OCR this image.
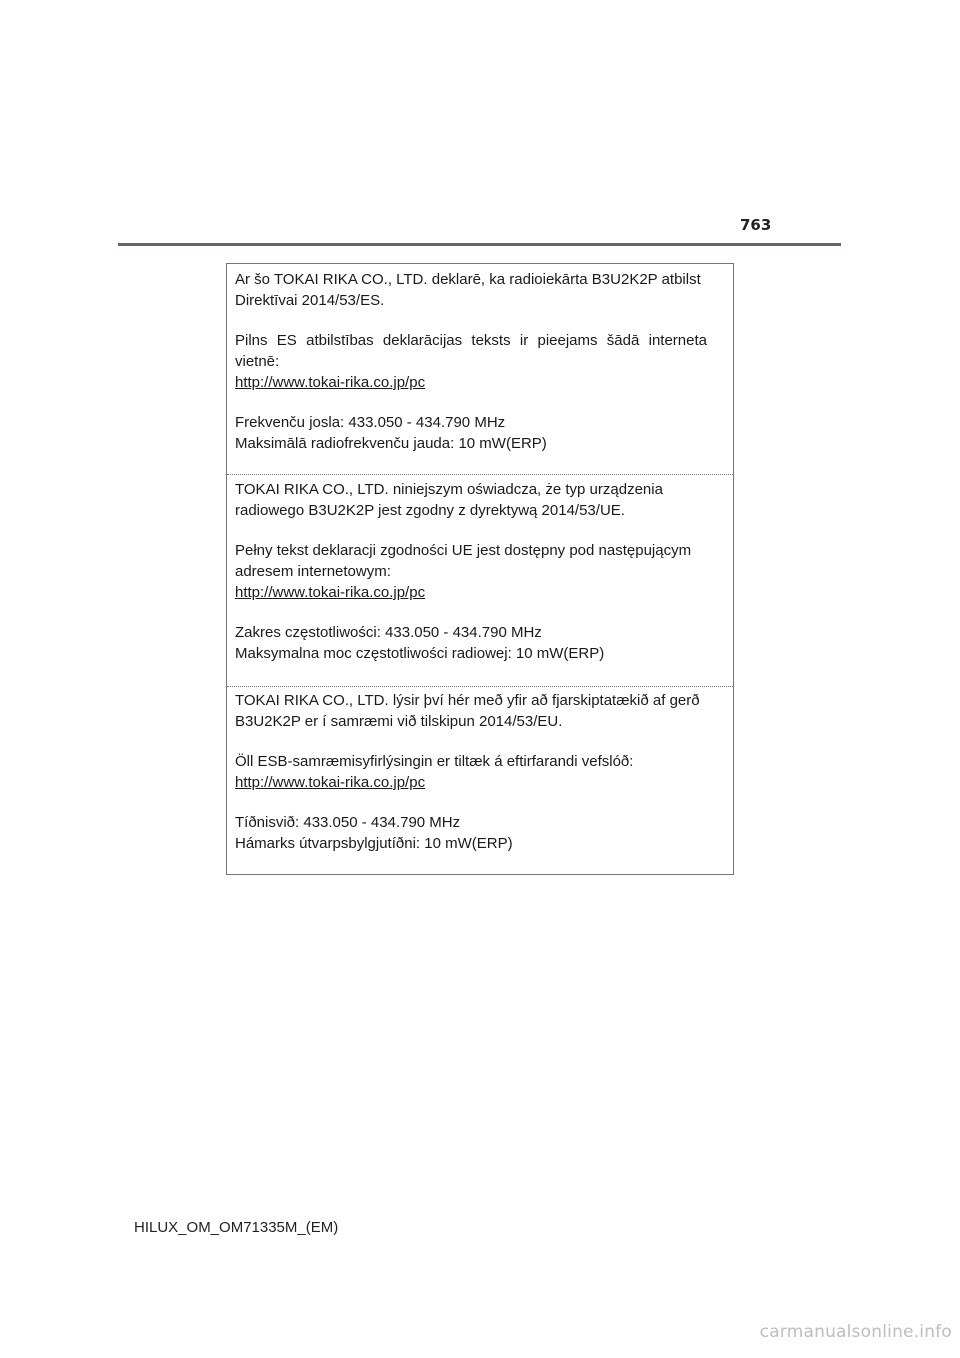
763
Ar šo TOKAI RIKA CO., LTD. deklarē, ka radioiekārta B3U2K2P atbilst
Direktīvai 2014/53/ES.
Pilns ES atbilstības deklarācijas teksts ir pieejams šādā interneta
vietnē:
http://www.tokai-rika.co.jp/pc
Frekvenču josla: 433.050 - 434.790 MHz
Maksimālā radiofrekvenču jauda: 10 mW(ERP)
TOKAI RIKA CO., LTD. niniejszym oświadcza, że typ urządzenia
radiowego B3U2K2P jest zgodny z dyrektywą 2014/53/UE.
Pełny tekst deklaracji zgodności UE jest dostępny pod następującym
adresem internetowym:
http://www.tokai-rika.co.jp/pc
Zakres częstotliwości: 433.050 - 434.790 MHz
Maksymalna moc częstotliwości radiowej: 10 mW(ERP)
TOKAI RIKA CO., LTD. lýsir því hér með yfir að fjarskiptatækið af gerð
B3U2K2P er í samræmi við tilskipun 2014/53/EU.
Öll ESB-samræmisyfirlýsingin er tiltæk á eftirfarandi vefslóð:
http://www.tokai-rika.co.jp/pc
Tíðnisvið: 433.050 - 434.790 MHz
Hámarks útvarpsbylgjutíðni: 10 mW(ERP)
HILUX_OM_OM71335M_(EM)
carmanualsonline.info
